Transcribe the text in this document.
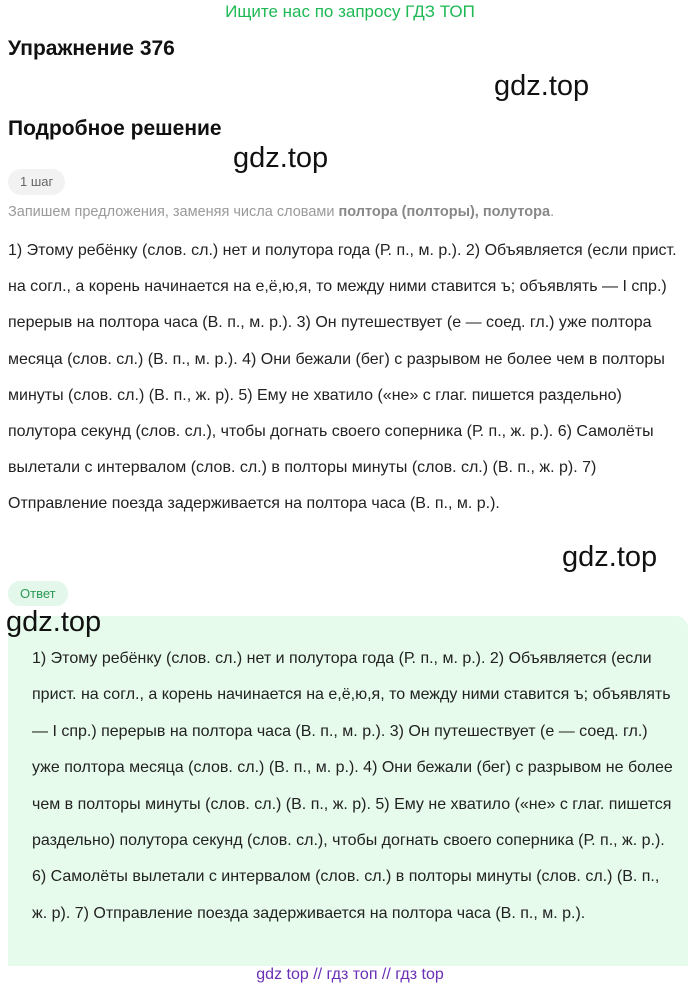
Ищите нас по запросу ГДЗ ТОП
Упражнение 376
gdz.top
Подробное решение
gdz.top
1 шаг
Запишем предложения, заменяя числа словами полтора (полторы), полутора.
1) Этому ребёнку (слов. сл.) нет и полутора года (Р. п., м. р.). 2) Объявляется (если прист. на согл., а корень начинается на е,ё,ю,я, то между ними ставится ъ; объявлять — I спр.) перерыв на полтора часа (В. п., м. р.). 3) Он путешествует (е — соед. гл.) уже полтора месяца (слов. сл.) (В. п., м. р.). 4) Они бежали (бег) с разрывом не более чем в полторы минуты (слов. сл.) (В. п., ж. р). 5) Ему не хватило («не» с глаг. пишется раздельно) полутора секунд (слов. сл.), чтобы догнать своего соперника (Р. п., ж. р.). 6) Самолёты вылетали с интервалом (слов. сл.) в полторы минуты (слов. сл.) (В. п., ж. р). 7) Отправление поезда задерживается на полтора часа (В. п., м. р.).
gdz.top
Ответ
gdz.top
1) Этому ребёнку (слов. сл.) нет и полутора года (Р. п., м. р.). 2) Объявляется (если прист. на согл., а корень начинается на е,ё,ю,я, то между ними ставится ъ; объявлять — I спр.) перерыв на полтора часа (В. п., м. р.). 3) Он путешествует (е — соед. гл.) уже полтора месяца (слов. сл.) (В. п., м. р.). 4) Они бежали (бег) с разрывом не более чем в полторы минуты (слов. сл.) (В. п., ж. р). 5) Ему не хватило («не» с глаг. пишется раздельно) полутора секунд (слов. сл.), чтобы догнать своего соперника (Р. п., ж. р.). 6) Самолёты вылетали с интервалом (слов. сл.) в полторы минуты (слов. сл.) (В. п., ж. р). 7) Отправление поезда задерживается на полтора часа (В. п., м. р.).
gdz top // гдз топ // гдз top
